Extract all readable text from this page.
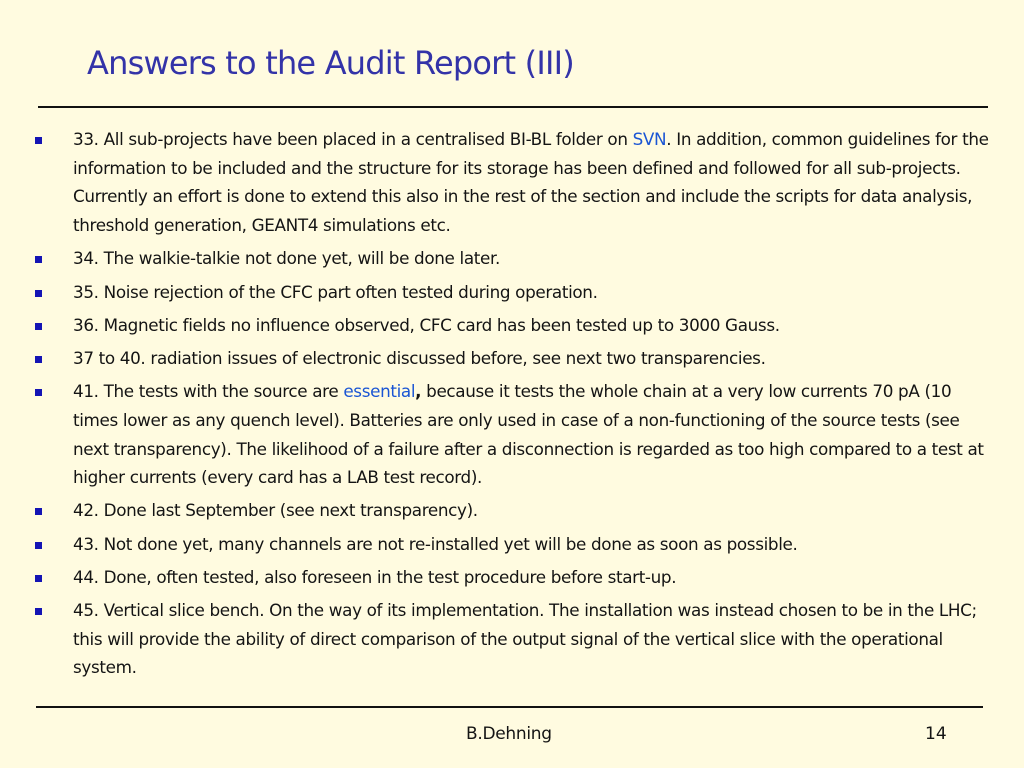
Answers to the Audit Report (III)
33. All sub-projects have been placed in a centralised BI-BL folder on SVN. In addition, common guidelines for the information to be included and the structure for its storage has been defined and followed for all sub-projects. Currently an effort is done to extend this also in the rest of the section and include the scripts for data analysis, threshold generation, GEANT4 simulations etc.
34. The walkie-talkie not done yet, will be done later.
35. Noise rejection of the CFC part often tested during operation.
36. Magnetic fields no influence observed, CFC card has been tested up to 3000 Gauss.
37 to 40. radiation issues of electronic discussed before, see next two transparencies.
41. The tests with the source are essential, because it tests the whole chain at a very low currents 70 pA (10 times lower as any quench level). Batteries are only used in case of a non-functioning of the source tests (see next transparency). The likelihood of a failure after a disconnection is regarded as too high compared to a test at higher currents (every card has a LAB test record).
42. Done last September (see next transparency).
43. Not done yet, many channels are not re-installed yet will be done as soon as possible.
44. Done, often tested, also foreseen in the test procedure before start-up.
45. Vertical slice bench. On the way of its implementation. The installation was instead chosen to be in the LHC; this will provide the ability of direct comparison of the output signal of the vertical slice with the operational system.
B.Dehning	14
